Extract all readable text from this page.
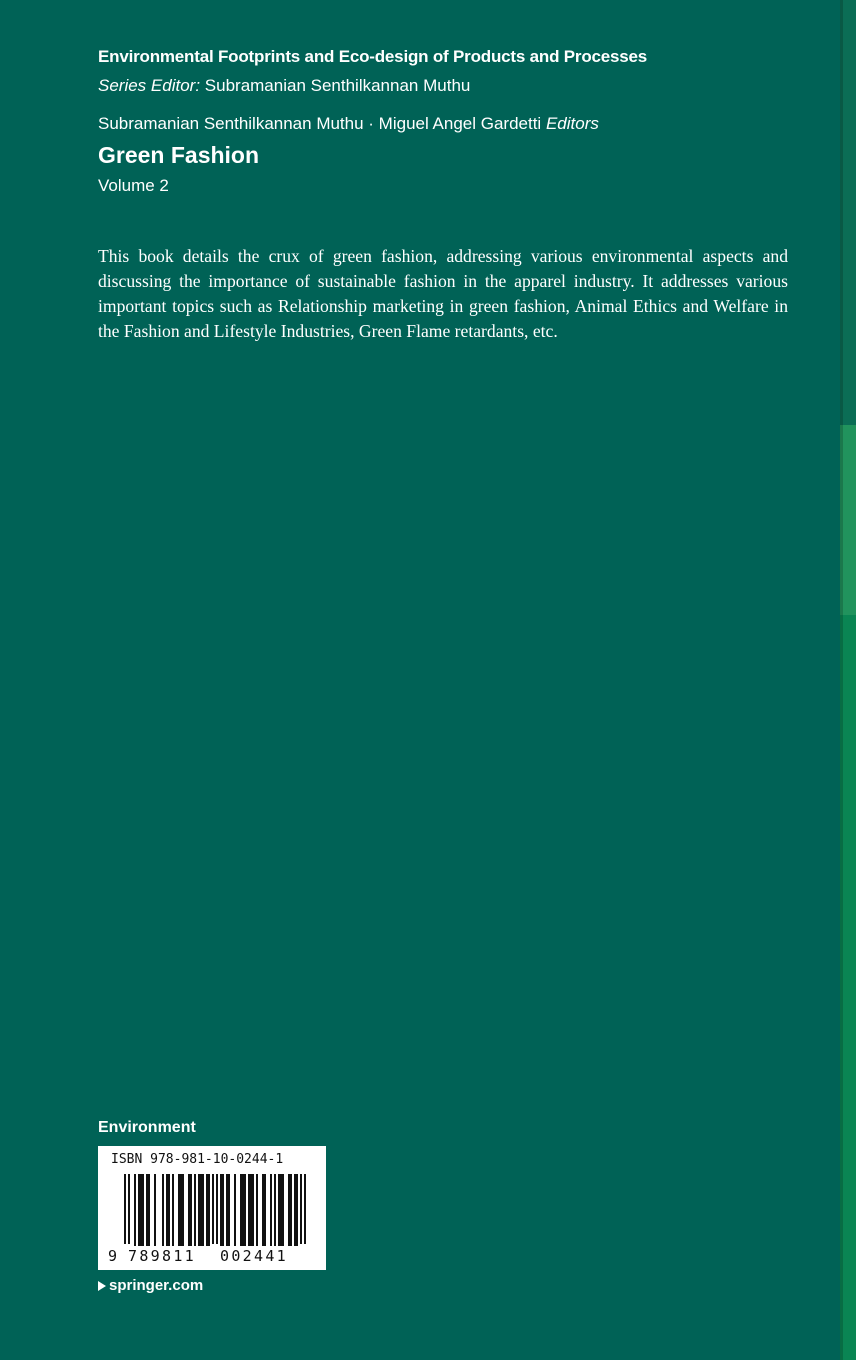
Environmental Footprints and Eco-design of Products and Processes
Series Editor: Subramanian Senthilkannan Muthu
Subramanian Senthilkannan Muthu · Miguel Angel Gardetti Editors
Green Fashion
Volume 2
This book details the crux of green fashion, addressing various environmental aspects and discussing the importance of sustainable fashion in the apparel industry. It addresses various important topics such as Relationship marketing in green fashion, Animal Ethics and Welfare in the Fashion and Lifestyle Industries, Green Flame retardants, etc.
Environment
ISBN 978-981-10-0244-1
9 789811 002441
springer.com
